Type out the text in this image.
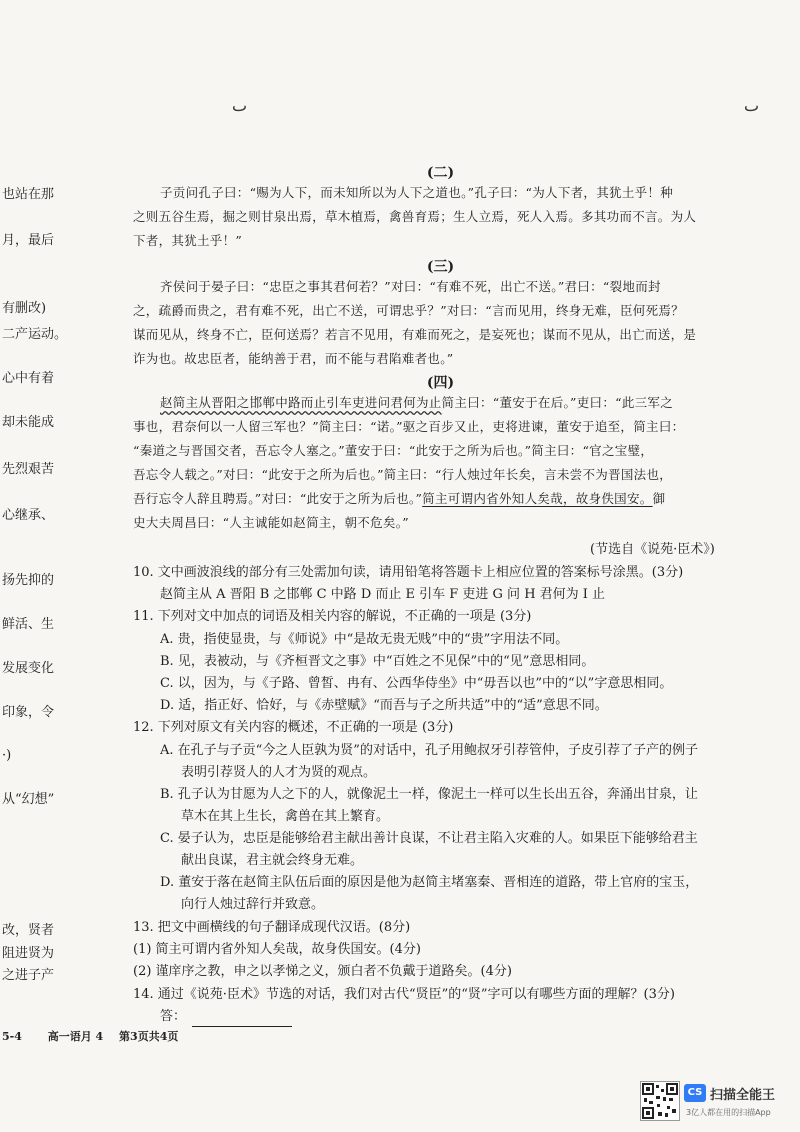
也站在那
月，最后
有删改)
二产运动。
心中有着
却未能成
先烈艰苦
心继承、
扬先抑的
鲜活、生
发展变化
印象，令
·)
从“幻想”
改，贤者
阻进贤为
之进子产
ٮ	ٮ
(二)
子贡问孔子曰：“赐为人下，而未知所以为人下之道也。”孔子曰：“为人下者，其犹土乎！种
之则五谷生焉，掘之则甘泉出焉，草木植焉，禽兽育焉；生人立焉，死人入焉。多其功而不言。为人
下者，其犹土乎！”
(三)
齐侯问于晏子曰：“忠臣之事其君何若？”对曰：“有难不死，出亡不送。”君曰：“裂地而封
之，疏爵而贵之，君有难不死，出亡不送，可谓忠乎？”对曰：“言而见用，终身无难，臣何死焉？
谋而见从，终身不亡，臣何送焉？若言不见用，有难而死之，是妄死也；谋而不见从，出亡而送，是
诈为也。故忠臣者，能纳善于君，而不能与君陷难者也。”
(四)
赵简主从晋阳之邯郸中路而止引车吏进问君何为止简主曰：“董安于在后。”吏曰：“此三军之
事也，君奈何以一人留三军也？”简主曰：“诺。”驱之百步又止，吏将进谏，董安于追至，简主曰：
“秦道之与晋国交者，吾忘令人塞之。”董安于曰：“此安于之所为后也。”简主曰：“官之宝璧，
吾忘令人载之。”对曰：“此安于之所为后也。”简主曰：“行人烛过年长矣，言未尝不为晋国法也，
吾行忘令人辞且聘焉。”对曰：“此安于之所为后也。”简主可谓内省外知人矣哉，故身佚国安。御
史大夫周昌曰：“人主诚能如赵简主，朝不危矣。”
(节选自《说苑·臣术》)
10. 文中画波浪线的部分有三处需加句读，请用铅笔将答题卡上相应位置的答案标号涂黑。(3分)
赵简主从 A 晋阳 B 之邯郸 C 中路 D 而止 E 引车 F 吏进 G 问 H 君何为 I 止
11. 下列对文中加点的词语及相关内容的解说，不正确的一项是 (3分)
A. 贵，指使显贵，与《师说》中“是故无贵无贱”中的“贵”字用法不同。
B. 见，表被动，与《齐桓晋文之事》中“百姓之不见保”中的“见”意思相同。
C. 以，因为，与《子路、曾皙、冉有、公西华侍坐》中“毋吾以也”中的“以”字意思相同。
D. 适，指正好、恰好，与《赤壁赋》“而吾与子之所共适”中的“适”意思不同。
12. 下列对原文有关内容的概述，不正确的一项是 (3分)
A. 在孔子与子贡“今之人臣孰为贤”的对话中，孔子用鲍叔牙引荐管仲，子皮引荐了子产的例子
表明引荐贤人的人才为贤的观点。
B. 孔子认为甘愿为人之下的人，就像泥土一样，像泥土一样可以生长出五谷，奔涌出甘泉，让
草木在其上生长，禽兽在其上繁育。
C. 晏子认为，忠臣是能够给君主献出善计良谋，不让君主陷入灾难的人。如果臣下能够给君主
献出良谋，君主就会终身无难。
D. 董安于落在赵简主队伍后面的原因是他为赵简主堵塞秦、晋相连的道路，带上官府的宝玉，
向行人烛过辞行并致意。
13. 把文中画横线的句子翻译成现代汉语。(8分)
(1) 简主可谓内省外知人矣哉，故身佚国安。(4分)
(2) 谨庠序之教，申之以孝悌之义，颁白者不负戴于道路矣。(4分)
14. 通过《说苑·臣术》节选的对话，我们对古代“贤臣”的“贤”字可以有哪些方面的理解？(3分)
答：
5-4 高一语月 4 第3页共4页
CS 扫描全能王
3亿人都在用的扫描App
